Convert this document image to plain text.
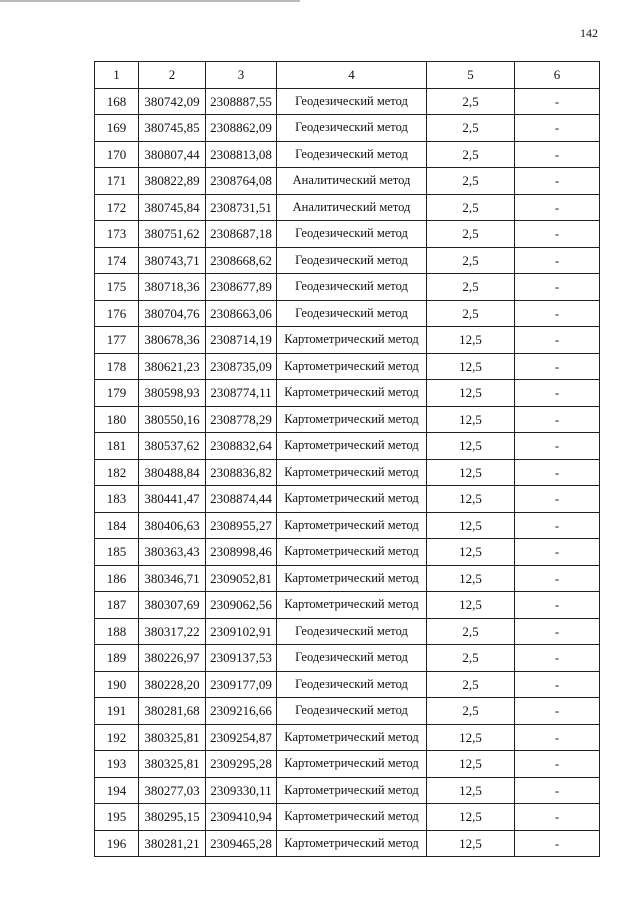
142
1	2	3	4	5	6
168	380742,09	2308887,55	Геодезический метод	2,5	-
169	380745,85	2308862,09	Геодезический метод	2,5	-
170	380807,44	2308813,08	Геодезический метод	2,5	-
171	380822,89	2308764,08	Аналитический метод	2,5	-
172	380745,84	2308731,51	Аналитический метод	2,5	-
173	380751,62	2308687,18	Геодезический метод	2,5	-
174	380743,71	2308668,62	Геодезический метод	2,5	-
175	380718,36	2308677,89	Геодезический метод	2,5	-
176	380704,76	2308663,06	Геодезический метод	2,5	-
177	380678,36	2308714,19	Картометрический метод	12,5	-
178	380621,23	2308735,09	Картометрический метод	12,5	-
179	380598,93	2308774,11	Картометрический метод	12,5	-
180	380550,16	2308778,29	Картометрический метод	12,5	-
181	380537,62	2308832,64	Картометрический метод	12,5	-
182	380488,84	2308836,82	Картометрический метод	12,5	-
183	380441,47	2308874,44	Картометрический метод	12,5	-
184	380406,63	2308955,27	Картометрический метод	12,5	-
185	380363,43	2308998,46	Картометрический метод	12,5	-
186	380346,71	2309052,81	Картометрический метод	12,5	-
187	380307,69	2309062,56	Картометрический метод	12,5	-
188	380317,22	2309102,91	Геодезический метод	2,5	-
189	380226,97	2309137,53	Геодезический метод	2,5	-
190	380228,20	2309177,09	Геодезический метод	2,5	-
191	380281,68	2309216,66	Геодезический метод	2,5	-
192	380325,81	2309254,87	Картометрический метод	12,5	-
193	380325,81	2309295,28	Картометрический метод	12,5	-
194	380277,03	2309330,11	Картометрический метод	12,5	-
195	380295,15	2309410,94	Картометрический метод	12,5	-
196	380281,21	2309465,28	Картометрический метод	12,5	-
